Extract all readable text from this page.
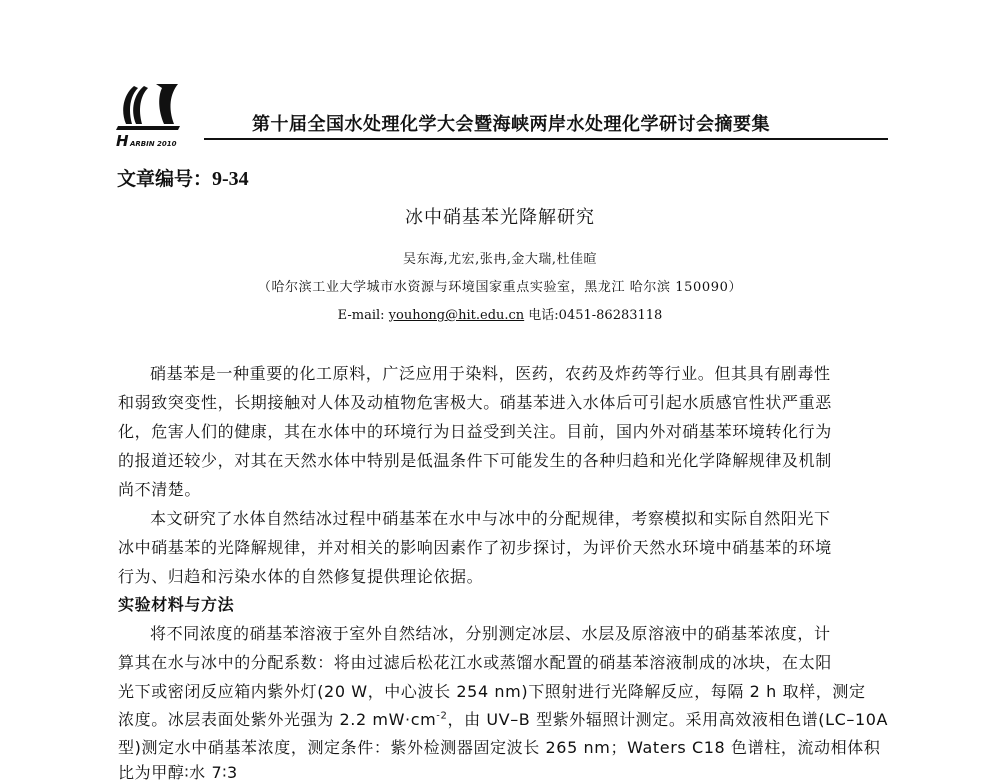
H ARBIN 2010
第十届全国水处理化学大会暨海峡两岸水处理化学研讨会摘要集
文章编号：9-34
冰中硝基苯光降解研究
吴东海,尤宏,张冉,金大瑞,杜佳暄
（哈尔滨工业大学城市水资源与环境国家重点实验室，黑龙江 哈尔滨 150090）
E-mail: youhong@hit.edu.cn 电话:0451-86283118
硝基苯是一种重要的化工原料，广泛应用于染料，医药，农药及炸药等行业。但其具有剧毒性
和弱致突变性，长期接触对人体及动植物危害极大。硝基苯进入水体后可引起水质感官性状严重恶
化，危害人们的健康，其在水体中的环境行为日益受到关注。目前，国内外对硝基苯环境转化行为
的报道还较少，对其在天然水体中特别是低温条件下可能发生的各种归趋和光化学降解规律及机制
尚不清楚。
本文研究了水体自然结冰过程中硝基苯在水中与冰中的分配规律，考察模拟和实际自然阳光下
冰中硝基苯的光降解规律，并对相关的影响因素作了初步探讨，为评价天然水环境中硝基苯的环境
行为、归趋和污染水体的自然修复提供理论依据。
实验材料与方法
将不同浓度的硝基苯溶液于室外自然结冰，分别测定冰层、水层及原溶液中的硝基苯浓度，计
算其在水与冰中的分配系数：将由过滤后松花江水或蒸馏水配置的硝基苯溶液制成的冰块，在太阳
光下或密闭反应箱内紫外灯(20 W，中心波长 254 nm)下照射进行光降解反应，每隔 2 h 取样，测定
浓度。冰层表面处紫外光强为 2.2 $mW\cdot cm^{-2}$，由 UV–B 型紫外辐照计测定。采用高效液相色谱(LC–10A
型)测定水中硝基苯浓度，测定条件：紫外检测器固定波长 265 nm；Waters C18 色谱柱，流动相体积
比为甲醇∶水 7∶3
